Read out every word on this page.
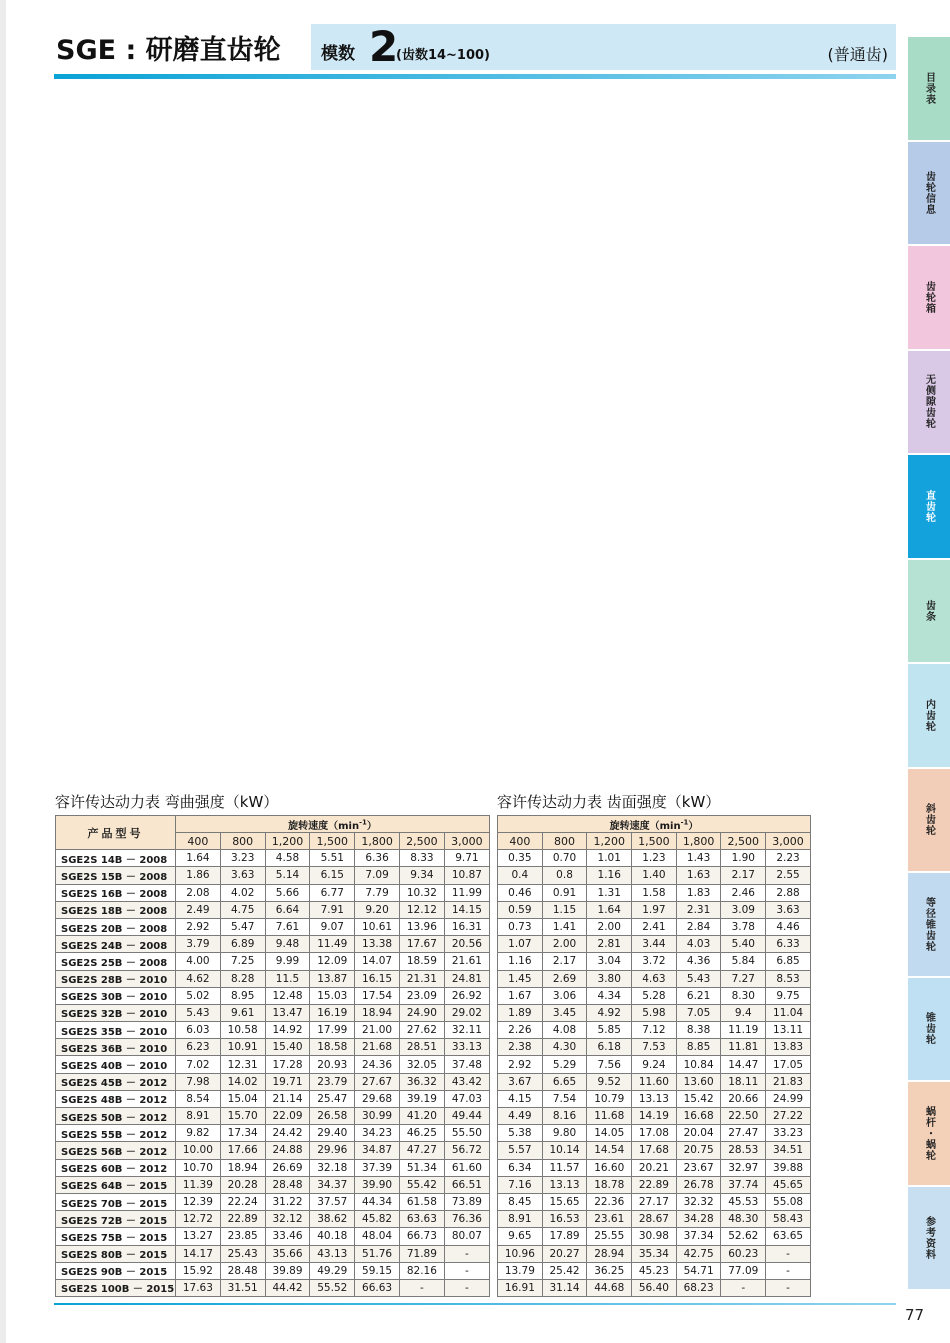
SGE : 研磨直齿轮 模数 2
(齿数14~100)	(普通齿)
目录表
齿轮信息
齿轮箱
无侧隙齿轮
直齿轮
齿条
内齿轮
斜齿轮
等径锥齿轮
锥齿轮
蜗杆・蜗轮
参考资料
容许传达动力表 弯曲强度（kW）	容许传达动力表 齿面强度（kW）
产品型号	旋转速度$(\min^{-1})$						
	400	800	1,200	1,500	1,800	2,500	3,000
SGE2S 14B － 2008	1.64	3.23	4.58	5.51	6.36	8.33	9.71
SGE2S 15B － 2008	1.86	3.63	5.14	6.15	7.09	9.34	10.87
SGE2S 16B － 2008	2.08	4.02	5.66	6.77	7.79	10.32	11.99
SGE2S 18B － 2008	2.49	4.75	6.64	7.91	9.20	12.12	14.15
SGE2S 20B － 2008	2.92	5.47	7.61	9.07	10.61	13.96	16.31
SGE2S 24B － 2008	3.79	6.89	9.48	11.49	13.38	17.67	20.56
SGE2S 25B － 2008	4.00	7.25	9.99	12.09	14.07	18.59	21.61
SGE2S 28B － 2010	4.62	8.28	11.5	13.87	16.15	21.31	24.81
SGE2S 30B － 2010	5.02	8.95	12.48	15.03	17.54	23.09	26.92
SGE2S 32B － 2010	5.43	9.61	13.47	16.19	18.94	24.90	29.02
SGE2S 35B － 2010	6.03	10.58	14.92	17.99	21.00	27.62	32.11
SGE2S 36B － 2010	6.23	10.91	15.40	18.58	21.68	28.51	33.13
SGE2S 40B － 2010	7.02	12.31	17.28	20.93	24.36	32.05	37.48
SGE2S 45B － 2012	7.98	14.02	19.71	23.79	27.67	36.32	43.42
SGE2S 48B － 2012	8.54	15.04	21.14	25.47	29.68	39.19	47.03
SGE2S 50B － 2012	8.91	15.70	22.09	26.58	30.99	41.20	49.44
SGE2S 55B － 2012	9.82	17.34	24.42	29.40	34.23	46.25	55.50
SGE2S 56B － 2012	10.00	17.66	24.88	29.96	34.87	47.27	56.72
SGE2S 60B － 2012	10.70	18.94	26.69	32.18	37.39	51.34	61.60
SGE2S 64B － 2015	11.39	20.28	28.48	34.37	39.90	55.42	66.51
SGE2S 70B － 2015	12.39	22.24	31.22	37.57	44.34	61.58	73.89
SGE2S 72B － 2015	12.72	22.89	32.12	38.62	45.82	63.63	76.36
SGE2S 75B － 2015	13.27	23.85	33.46	40.18	48.04	66.73	80.07
SGE2S 80B － 2015	14.17	25.43	35.66	43.13	51.76	71.89	-
SGE2S 90B － 2015	15.92	28.48	39.89	49.29	59.15	82.16	-
SGE2S 100B － 2015	17.63	31.51	44.42	55.52	66.63	-	-
旋转速度$(\min^{-1})$						
400	800	1,200	1,500	1,800	2,500	3,000
0.35	0.70	1.01	1.23	1.43	1.90	2.23
0.4	0.8	1.16	1.40	1.63	2.17	2.55
0.46	0.91	1.31	1.58	1.83	2.46	2.88
0.59	1.15	1.64	1.97	2.31	3.09	3.63
0.73	1.41	2.00	2.41	2.84	3.78	4.46
1.07	2.00	2.81	3.44	4.03	5.40	6.33
1.16	2.17	3.04	3.72	4.36	5.84	6.85
1.45	2.69	3.80	4.63	5.43	7.27	8.53
1.67	3.06	4.34	5.28	6.21	8.30	9.75
1.89	3.45	4.92	5.98	7.05	9.4	11.04
2.26	4.08	5.85	7.12	8.38	11.19	13.11
2.38	4.30	6.18	7.53	8.85	11.81	13.83
2.92	5.29	7.56	9.24	10.84	14.47	17.05
3.67	6.65	9.52	11.60	13.60	18.11	21.83
4.15	7.54	10.79	13.13	15.42	20.66	24.99
4.49	8.16	11.68	14.19	16.68	22.50	27.22
5.38	9.80	14.05	17.08	20.04	27.47	33.23
5.57	10.14	14.54	17.68	20.75	28.53	34.51
6.34	11.57	16.60	20.21	23.67	32.97	39.88
7.16	13.13	18.78	22.89	26.78	37.74	45.65
8.45	15.65	22.36	27.17	32.32	45.53	55.08
8.91	16.53	23.61	28.67	34.28	48.30	58.43
9.65	17.89	25.55	30.98	37.34	52.62	63.65
10.96	20.27	28.94	35.34	42.75	60.23	-
13.79	25.42	36.25	45.23	54.71	77.09	-
16.91	31.14	44.68	56.40	68.23	-	-
77
